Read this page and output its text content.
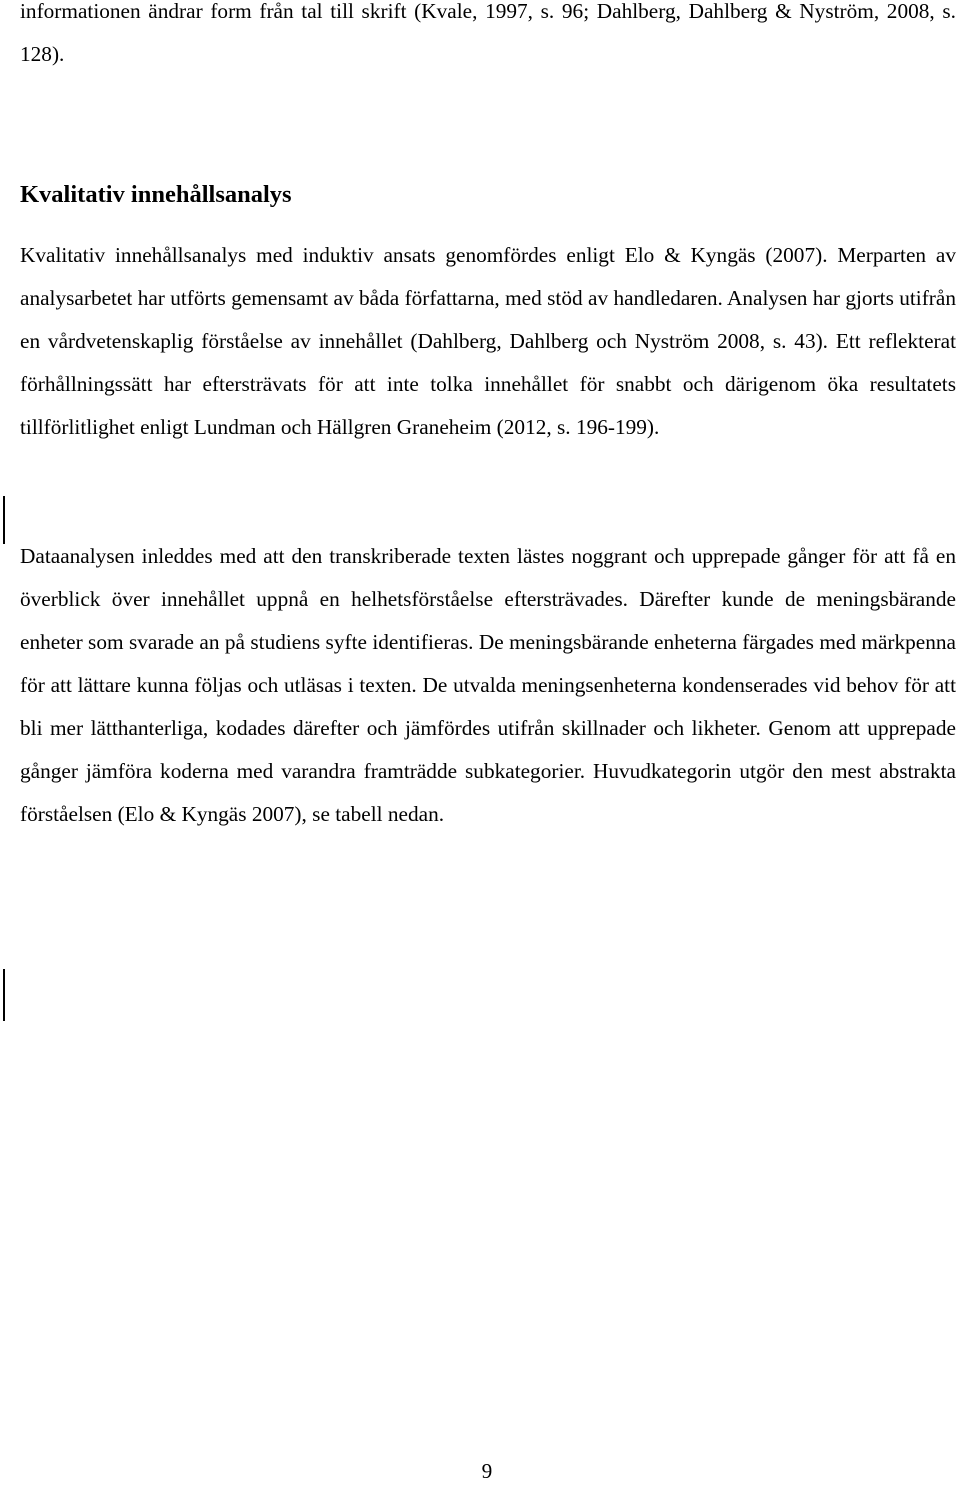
informationen ändrar form från tal till skrift (Kvale, 1997, s. 96; Dahlberg, Dahlberg & Nyström, 2008, s. 128).

Kvalitativ innehållsanalys

Kvalitativ innehållsanalys med induktiv ansats genomfördes enligt Elo & Kyngäs (2007). Merparten av analysarbetet har utförts gemensamt av båda författarna, med stöd av handledaren. Analysen har gjorts utifrån en vårdvetenskaplig förståelse av innehållet (Dahlberg, Dahlberg och Nyström 2008, s. 43). Ett reflekterat förhållningssätt har eftersträvats för att inte tolka innehållet för snabbt och därigenom öka resultatets tillförlitlighet enligt Lundman och Hällgren Graneheim (2012, s. 196-199).

Dataanalysen inleddes med att den transkriberade texten lästes noggrant och upprepade gånger för att få en överblick över innehållet uppnå en helhetsförståelse eftersträvades. Därefter kunde de meningsbärande enheter som svarade an på studiens syfte identifieras. De meningsbärande enheterna färgades med märkpenna för att lättare kunna följas och utläsas i texten. De utvalda meningsenheterna kondenserades vid behov för att bli mer lätthanterliga, kodades därefter och jämfördes utifrån skillnader och likheter. Genom att upprepade gånger jämföra koderna med varandra framträdde subkategorier. Huvudkategorin utgör den mest abstrakta förståelsen (Elo & Kyngäs 2007), se tabell nedan.

9
